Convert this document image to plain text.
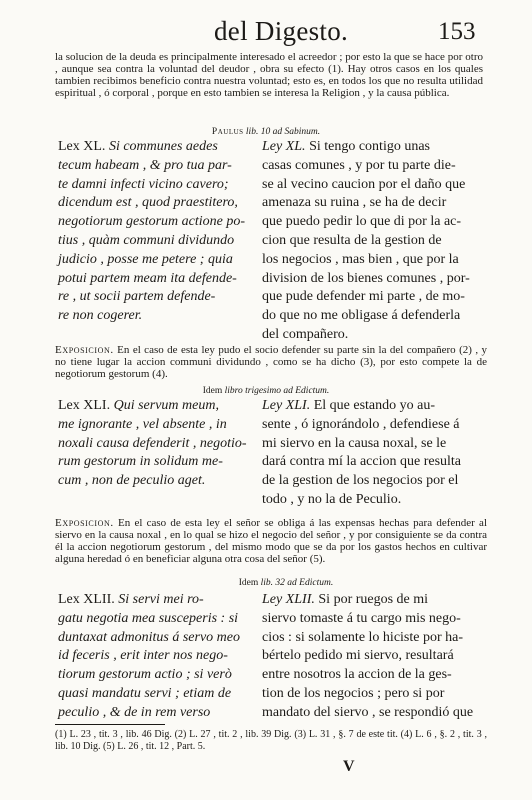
del Digesto.	153
la solucion de la deuda es principalmente interesado el acreedor ; por esto la que se hace por otro , aunque sea contra la voluntad del deudor , obra su efecto (1). Hay otros casos en los quales tambien recibimos beneficio contra nuestra voluntad; esto es, en todos los que no resulta utilidad espiritual , ó corporal , porque en esto tambien se interesa la Religion , y la causa pública.
Paulus lib. 10 ad Sabinum.
Lex XL. Si communes aedes
tecum habeam , & pro tua par-
te damni infecti vicino cavero;
dicendum est , quod praestitero,
negotiorum gestorum actione po-
tius , quàm communi dividundo
judicio , posse me petere ; quia
potui partem meam ita defende-
re , ut socii partem defende-
re non cogerer.
Ley XL. Si tengo contigo unas
casas comunes , y por tu parte die-
se al vecino caucion por el daño que
amenaza su ruina , se ha de decir
que puedo pedir lo que di por la ac-
cion que resulta de la gestion de
los negocios , mas bien , que por la
division de los bienes comunes , por-
que pude defender mi parte , de mo-
do que no me obligase á defenderla
del compañero.
Exposicion. En el caso de esta ley pudo el socio defender su parte sin la del compañero (2) , y no tiene lugar la accion communi dividundo , como se ha dicho (3), por esto compete la de negotiorum gestorum (4).
Idem libro trigesimo ad Edictum.
Lex XLI. Qui servum meum,
me ignorante , vel absente , in
noxali causa defenderit , negotio-
rum gestorum in solidum me-
cum , non de peculio aget.
Ley XLI. El que estando yo au-
sente , ó ignorándolo , defendiese á
mi siervo en la causa noxal, se le
dará contra mí la accion que resulta
de la gestion de los negocios por el
todo , y no la de Peculio.
Exposicion. En el caso de esta ley el señor se obliga á las expensas hechas para defender al siervo en la causa noxal , en lo qual se hizo el negocio del señor , y por consiguiente se da contra él la accion negotiorum gestorum , del mismo modo que se da por los gastos hechos en cultivar alguna heredad ó en beneficiar alguna otra cosa del señor (5).
Idem lib. 32 ad Edictum.
Lex XLII. Si servi mei ro-
gatu negotia mea susceperis : si
duntaxat admonitus á servo meo
id feceris , erit inter nos nego-
tiorum gestorum actio ; si verò
quasi mandatu servi ; etiam de
peculio , & de in rem verso
Ley XLII. Si por ruegos de mi
siervo tomaste á tu cargo mis nego-
cios : si solamente lo hiciste por ha-
bértelo pedido mi siervo, resultará
entre nosotros la accion de la ges-
tion de los negocios ; pero si por
mandato del siervo , se respondió que
(1) L. 23 , tit. 3 , lib. 46 Dig. (2) L. 27 , tit. 2 , lib. 39 Dig. (3) L. 31 , §. 7 de este tit. (4) L. 6 , §. 2 , tit. 3 , lib. 10 Dig. (5) L. 26 , tit. 12 , Part. 5.
V
